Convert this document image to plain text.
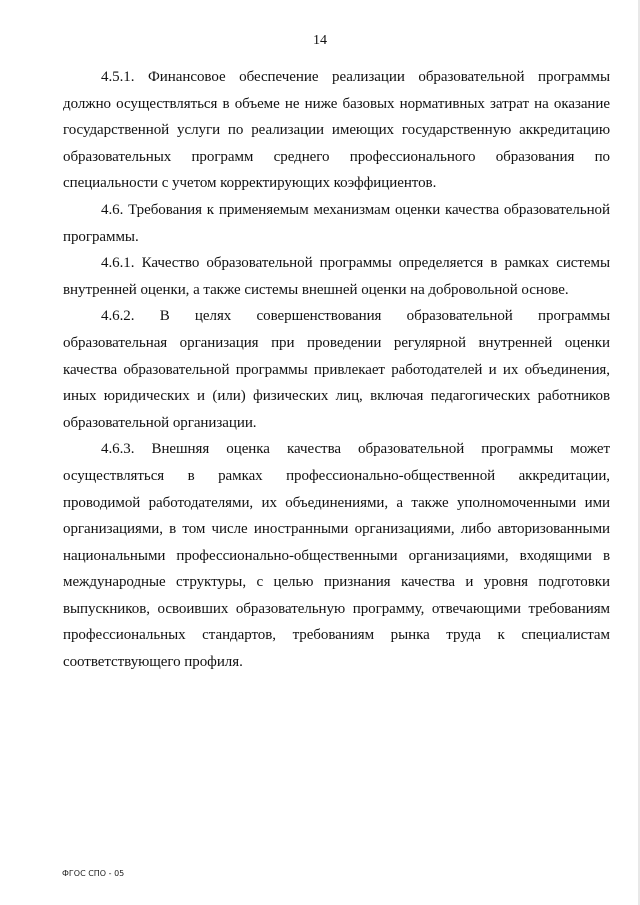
14

4.5.1. Финансовое обеспечение реализации образовательной программы должно осуществляться в объеме не ниже базовых нормативных затрат на оказание государственной услуги по реализации имеющих государственную аккредитацию образовательных программ среднего профессионального образования по специальности с учетом корректирующих коэффициентов.

4.6. Требования к применяемым механизмам оценки качества образовательной программы.

4.6.1. Качество образовательной программы определяется в рамках системы внутренней оценки, а также системы внешней оценки на добровольной основе.

4.6.2. В целях совершенствования образовательной программы образовательная организация при проведении регулярной внутренней оценки качества образовательной программы привлекает работодателей и их объединения, иных юридических и (или) физических лиц, включая педагогических работников образовательной организации.

4.6.3. Внешняя оценка качества образовательной программы может осуществляться в рамках профессионально-общественной аккредитации, проводимой работодателями, их объединениями, а также уполномоченными ими организациями, в том числе иностранными организациями, либо авторизованными национальными профессионально-общественными организациями, входящими в международные структуры, с целью признания качества и уровня подготовки выпускников, освоивших образовательную программу, отвечающими требованиям профессиональных стандартов, требованиям рынка труда к специалистам соответствующего профиля.

ФГОС СПО - 05
